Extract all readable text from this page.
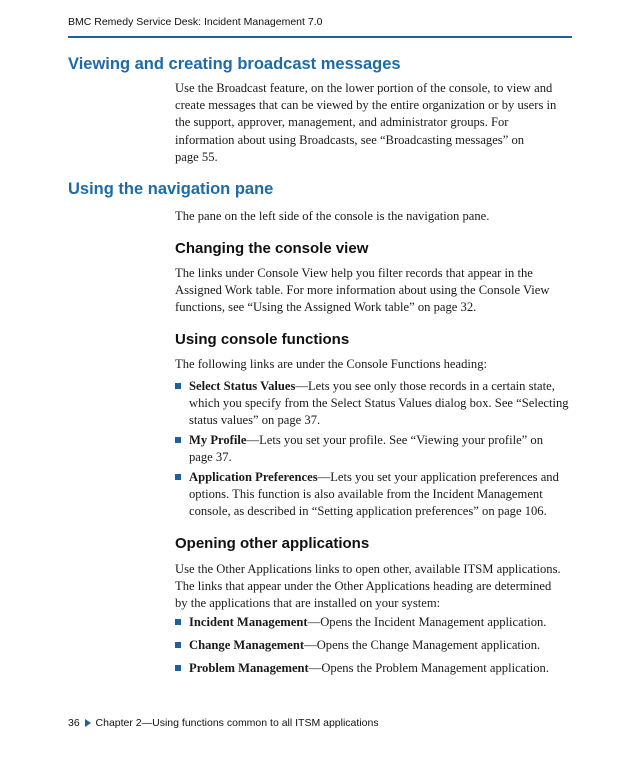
BMC Remedy Service Desk: Incident Management 7.0
Viewing and creating broadcast messages

Use the Broadcast feature, on the lower portion of the console, to view and
create messages that can be viewed by the entire organization or by users in
the support, approver, management, and administrator groups. For
information about using Broadcasts, see “Broadcasting messages” on
page 55.

Using the navigation pane

The pane on the left side of the console is the navigation pane.

Changing the console view

The links under Console View help you filter records that appear in the
Assigned Work table. For more information about using the Console View
functions, see “Using the Assigned Work table” on page 32.

Using console functions

The following links are under the Console Functions heading:

Select Status Values—Lets you see only those records in a certain state,
which you specify from the Select Status Values dialog box. See “Selecting
status values” on page 37.
My Profile—Lets you set your profile. See “Viewing your profile” on
page 37.
Application Preferences—Lets you set your application preferences and
options. This function is also available from the Incident Management
console, as described in “Setting application preferences” on page 106.
Opening other applications

Use the Other Applications links to open other, available ITSM applications.
The links that appear under the Other Applications heading are determined
by the applications that are installed on your system:

Incident Management—Opens the Incident Management application.
Change Management—Opens the Change Management application.
Problem Management—Opens the Problem Management application.
36 Chapter 2—Using functions common to all ITSM applications
